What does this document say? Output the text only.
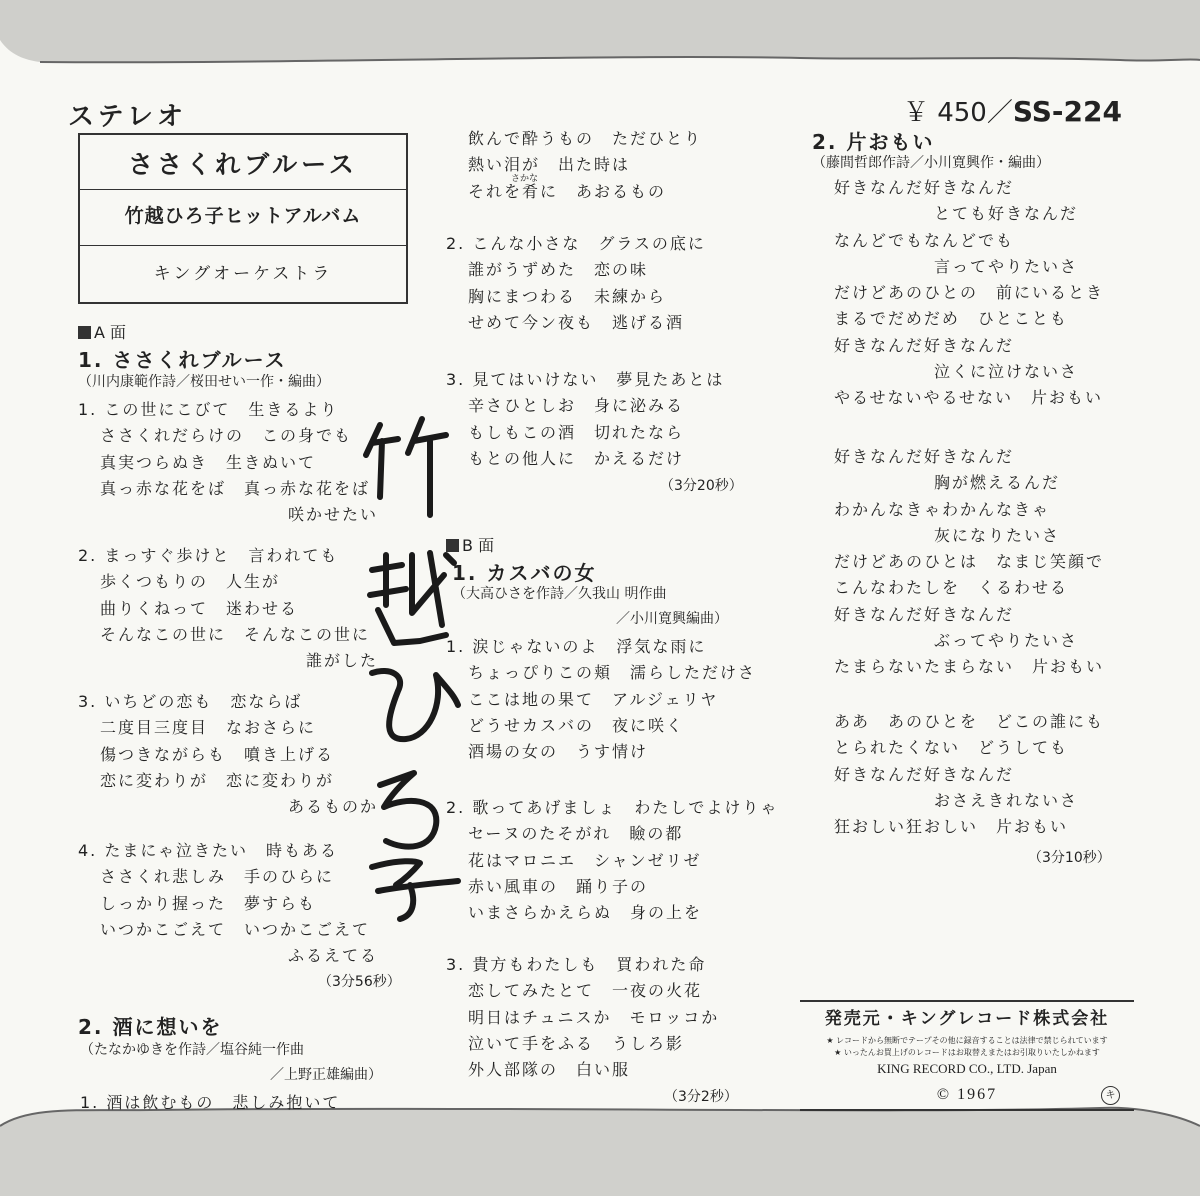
ステレオ	￥ 450／SS-224
ささくれブルース
竹越ひろ子ヒットアルバム
キングオーケストラ
A 面
1. ささくれブルース
（川内康範作詩／桜田せい一作・編曲）
1. この世にこびて　生きるより
ささくれだらけの　この身でも
真実つらぬき　生きぬいて
真っ赤な花をば　真っ赤な花をば
咲かせたい
2. まっすぐ歩けと　言われても
歩くつもりの　人生が
曲りくねって　迷わせる
そんなこの世に　そんなこの世に
誰がした
3. いちどの恋も　恋ならば
二度目三度目　なおさらに
傷つきながらも　噴き上げる
恋に変わりが　恋に変わりが
あるものか
4. たまにゃ泣きたい　時もある
ささくれ悲しみ　手のひらに
しっかり握った　夢すらも
いつかこごえて　いつかこごえて
ふるえてる
（3分56秒）
2. 酒に想いを
（たなかゆきを作詩／塩谷純一作曲
／上野正雄編曲）
1. 酒は飲むもの　悲しみ抱いて
飲んで酔うもの　ただひとり
熱い泪が　出た時は
それを肴に　あおるもの
さかな
2. こんな小さな　グラスの底に
誰がうずめた　恋の味
胸にまつわる　未練から
せめて今ン夜も　逃げる酒
3. 見てはいけない　夢見たあとは
辛さひとしお　身に泌みる
もしもこの酒　切れたなら
もとの他人に　かえるだけ
（3分20秒）
B 面
1. カスバの女
（大高ひさを作詩／久我山 明作曲
／小川寛興編曲）
1. 涙じゃないのよ　浮気な雨に
ちょっぴりこの頬　濡らしただけさ
ここは地の果て　アルジェリヤ
どうせカスバの　夜に咲く
酒場の女の　うす情け
2. 歌ってあげましょ　わたしでよけりゃ
セーヌのたそがれ　瞼の都
花はマロニエ　シャンゼリゼ
赤い風車の　踊り子の
いまさらかえらぬ　身の上を
3. 貴方もわたしも　買われた命
恋してみたとて　一夜の火花
明日はチュニスか　モロッコか
泣いて手をふる　うしろ影
外人部隊の　白い服
（3分2秒）
2. 片おもい
（藤間哲郎作詩／小川寛興作・編曲）
好きなんだ好きなんだ
とても好きなんだ
なんどでもなんどでも
言ってやりたいさ
だけどあのひとの　前にいるとき
まるでだめだめ　ひとことも
好きなんだ好きなんだ
泣くに泣けないさ
やるせないやるせない　片おもい
好きなんだ好きなんだ
胸が燃えるんだ
わかんなきゃわかんなきゃ
灰になりたいさ
だけどあのひとは　なまじ笑顔で
こんなわたしを　くるわせる
好きなんだ好きなんだ
ぶってやりたいさ
たまらないたまらない　片おもい
ああ　あのひとを　どこの誰にも
とられたくない　どうしても
好きなんだ好きなんだ
おさえきれないさ
狂おしい狂おしい　片おもい
（3分10秒）
発売元・キングレコード株式会社
★ レコードから無断でテープその他に録音することは法律で禁じられています
★ いったんお買上げのレコードはお取替えまたはお引取りいたしかねます
KING RECORD CO., LTD. Japan
© 1967	キ
